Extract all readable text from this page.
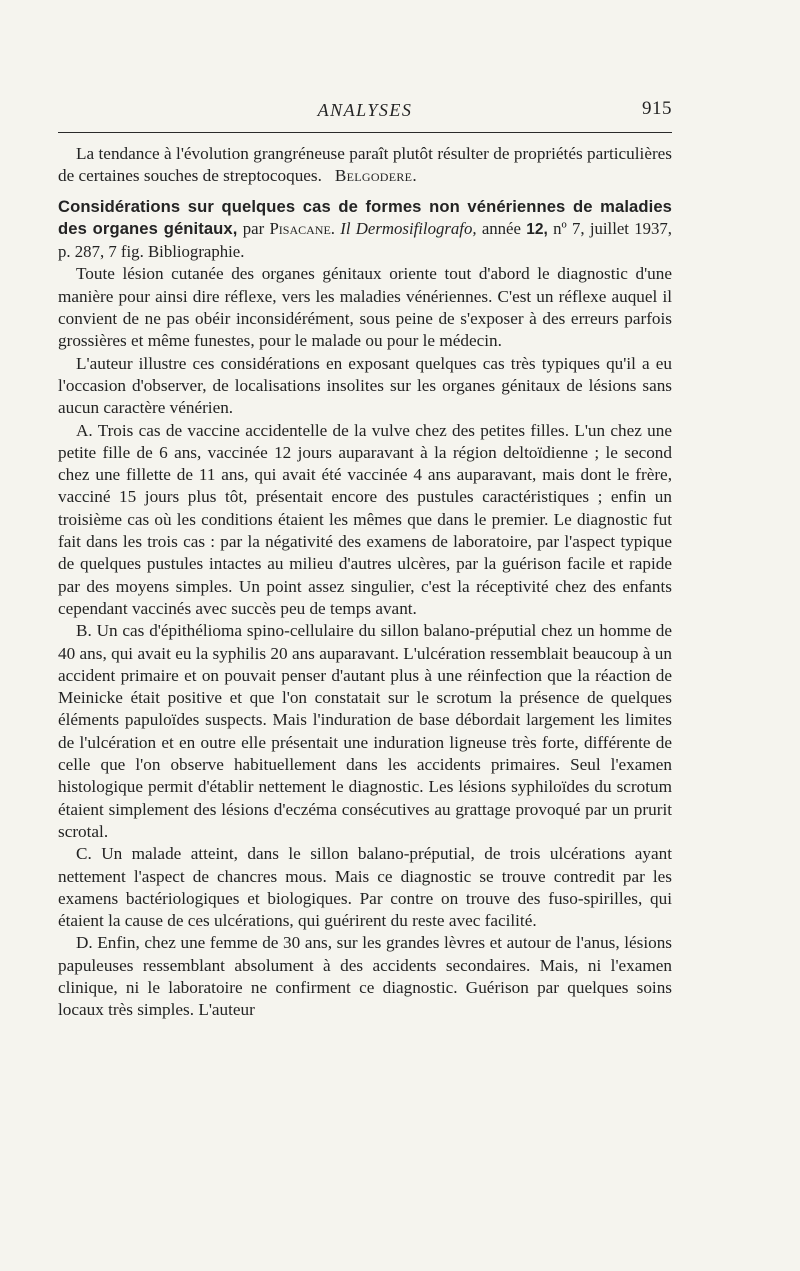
ANALYSES	915

La tendance à l'évolution grangréneuse paraît plutôt résulter de propriétés particulières de certaines souches de streptocoques. Belgodere.

Considérations sur quelques cas de formes non vénériennes de maladies des organes génitaux, par Pisacane. Il Dermosifilografo, année 12, nº 7, juillet 1937, p. 287, 7 fig. Bibliographie.

Toute lésion cutanée des organes génitaux oriente tout d'abord le diagnostic d'une manière pour ainsi dire réflexe, vers les maladies vénériennes. C'est un réflexe auquel il convient de ne pas obéir inconsidérément, sous peine de s'exposer à des erreurs parfois grossières et même funestes, pour le malade ou pour le médecin.

L'auteur illustre ces considérations en exposant quelques cas très typiques qu'il a eu l'occasion d'observer, de localisations insolites sur les organes génitaux de lésions sans aucun caractère vénérien.

A. Trois cas de vaccine accidentelle de la vulve chez des petites filles. L'un chez une petite fille de 6 ans, vaccinée 12 jours auparavant à la région deltoïdienne ; le second chez une fillette de 11 ans, qui avait été vaccinée 4 ans auparavant, mais dont le frère, vacciné 15 jours plus tôt, présentait encore des pustules caractéristiques ; enfin un troisième cas où les conditions étaient les mêmes que dans le premier. Le diagnostic fut fait dans les trois cas : par la négativité des examens de laboratoire, par l'aspect typique de quelques pustules intactes au milieu d'autres ulcères, par la guérison facile et rapide par des moyens simples. Un point assez singulier, c'est la réceptivité chez des enfants cependant vaccinés avec succès peu de temps avant.

B. Un cas d'épithélioma spino-cellulaire du sillon balano-préputial chez un homme de 40 ans, qui avait eu la syphilis 20 ans auparavant. L'ulcération ressemblait beaucoup à un accident primaire et on pouvait penser d'autant plus à une réinfection que la réaction de Meinicke était positive et que l'on constatait sur le scrotum la présence de quelques éléments papuloïdes suspects. Mais l'induration de base débordait largement les limites de l'ulcération et en outre elle présentait une induration ligneuse très forte, différente de celle que l'on observe habituellement dans les accidents primaires. Seul l'examen histologique permit d'établir nettement le diagnostic. Les lésions syphiloïdes du scrotum étaient simplement des lésions d'eczéma consécutives au grattage provoqué par un prurit scrotal.

C. Un malade atteint, dans le sillon balano-préputial, de trois ulcérations ayant nettement l'aspect de chancres mous. Mais ce diagnostic se trouve contredit par les examens bactériologiques et biologiques. Par contre on trouve des fuso-spirilles, qui étaient la cause de ces ulcérations, qui guérirent du reste avec facilité.

D. Enfin, chez une femme de 30 ans, sur les grandes lèvres et autour de l'anus, lésions papuleuses ressemblant absolument à des accidents secondaires. Mais, ni l'examen clinique, ni le laboratoire ne confirment ce diagnostic. Guérison par quelques soins locaux très simples. L'auteur
